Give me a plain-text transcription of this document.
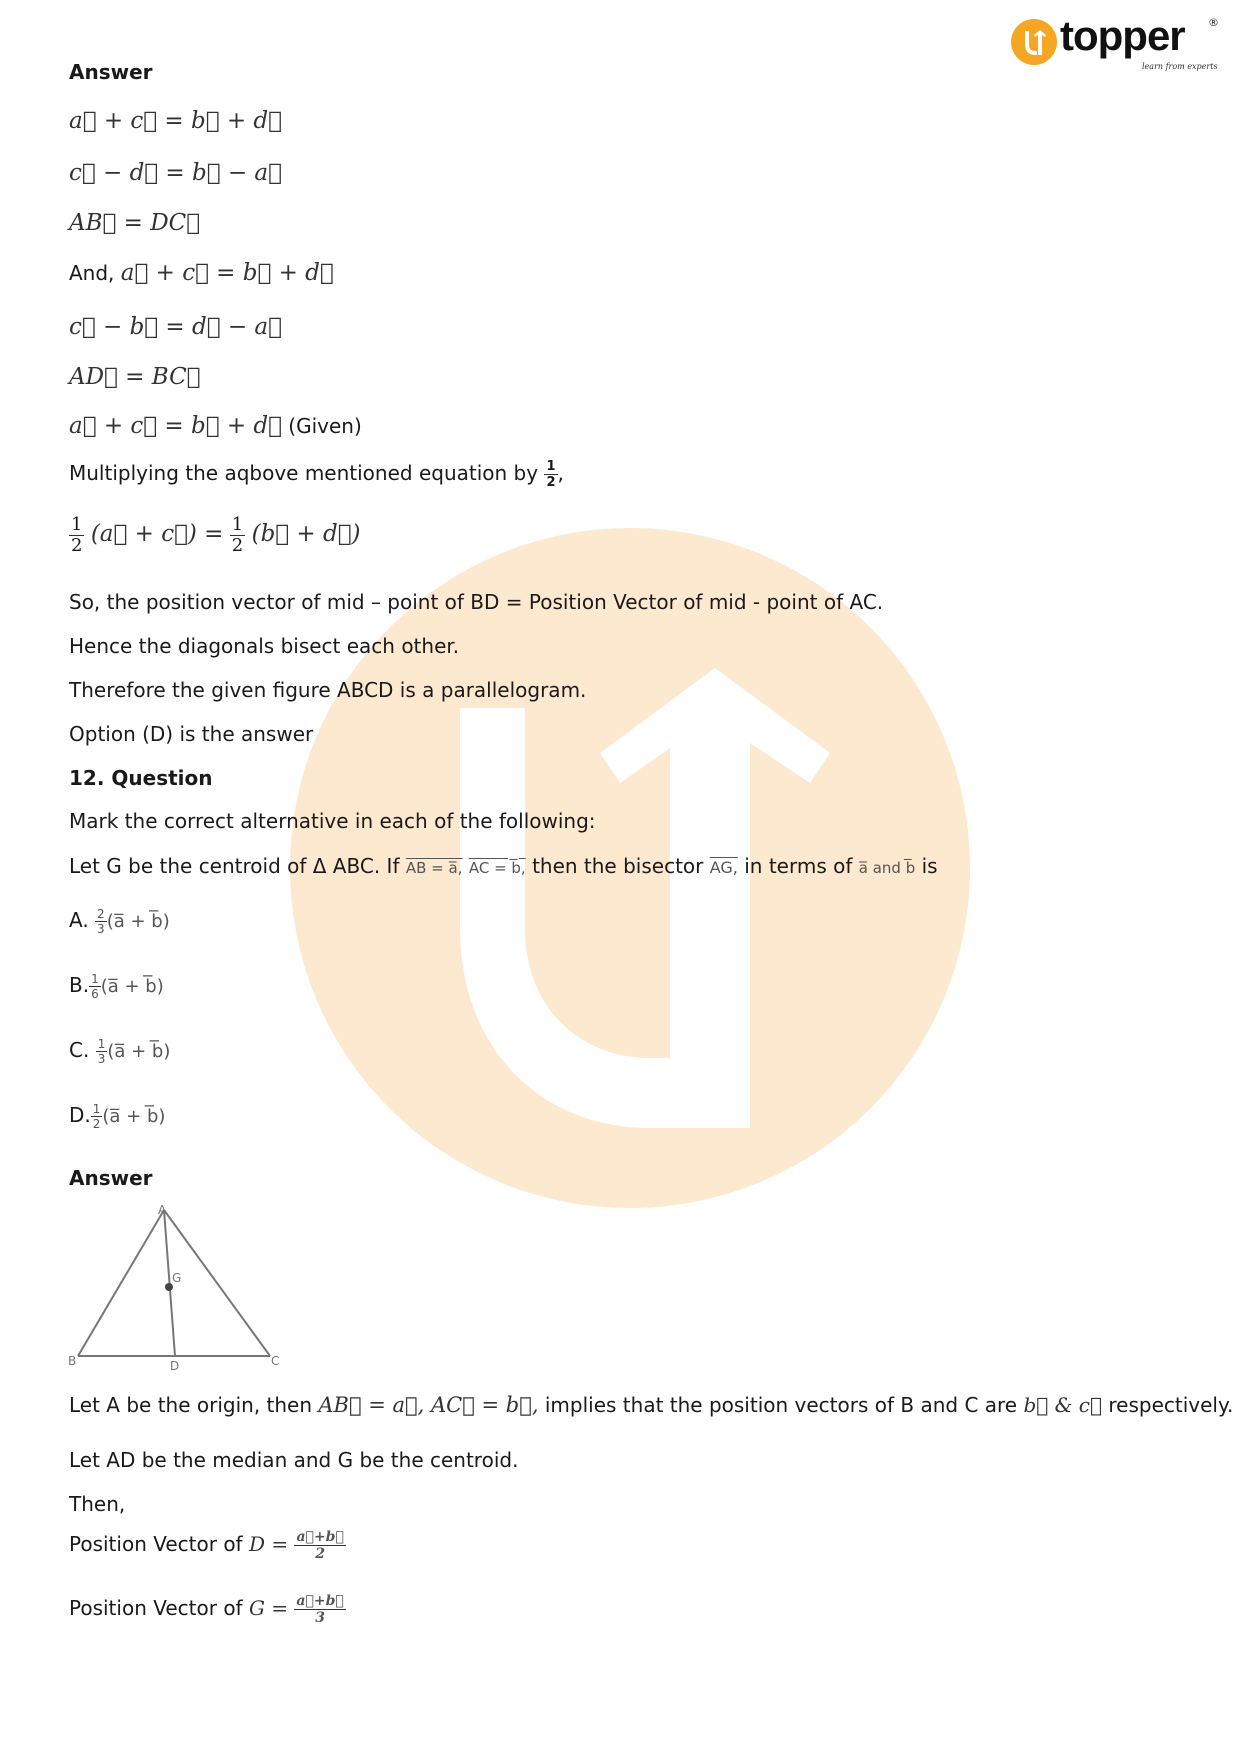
topper ®
learn from experts
Answer
a⃗ + c⃗ = b⃗ + d⃗
c⃗ − d⃗ = b⃗ − a⃗
AB⃗ = DC⃗
And, a⃗ + c⃗ = b⃗ + d⃗
c⃗ − b⃗ = d⃗ − a⃗
AD⃗ = BC⃗
a⃗ + c⃗ = b⃗ + d⃗ (Given)
Multiplying the aqbove mentioned equation by $\frac{1}{2}$ ,
$\frac{1}{2}$ (a⃗ + c⃗) = $\frac{1}{2}$ (b⃗ + d⃗)
So, the position vector of mid – point of BD = Position Vector of mid - point of AC.
Hence the diagonals bisect each other.
Therefore the given figure ABCD is a parallelogram.
Option (D) is the answer
12. Question
Mark the correct alternative in each of the following:
Let G be the centroid of Δ ABC. If AB = a̅, AC = b̅, then the bisector AG, in terms of a̅ and b̅ is
A. $\frac{2}{3}$ (a̅ + b̅)
B. $\frac{1}{6}$ (a̅ + b̅)
C. $\frac{1}{3}$ (a̅ + b̅)
D. $\frac{1}{2}$ (a̅ + b̅)
Answer
A
B	C
D
G
Let A be the origin, then AB⃗ = a⃗, AC⃗ = b⃗, implies that the position vectors of B and C are b⃗ & c⃗ respectively.
Let AD be the median and G be the centroid.
Then,
Position Vector of $D = \frac{a⃗+b⃗}{2}$
Position Vector of $G = \frac{a⃗+b⃗}{3}$
